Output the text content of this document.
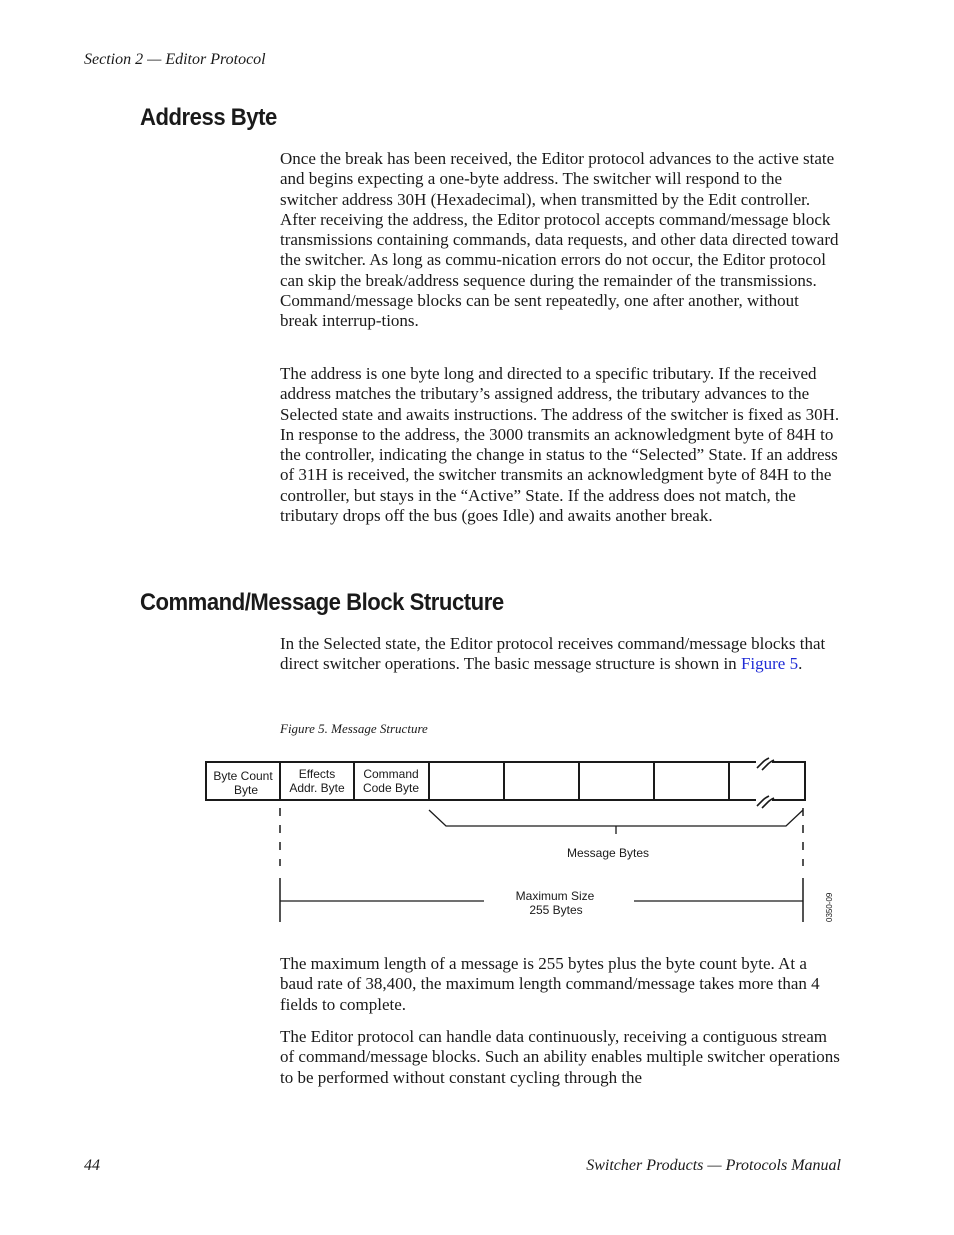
Section 2 — Editor Protocol
Address Byte

Once the break has been received, the Editor protocol advances to the active state and begins expecting a one-byte address. The switcher will respond to the switcher address 30H (Hexadecimal), when transmitted by the Edit controller. After receiving the address, the Editor protocol accepts command/message block transmissions containing commands, data requests, and other data directed toward the switcher. As long as commu-nication errors do not occur, the Editor protocol can skip the break/address sequence during the remainder of the transmissions. Command/message blocks can be sent repeatedly, one after another, without break interrup-tions.

The address is one byte long and directed to a specific tributary. If the received address matches the tributary’s assigned address, the tributary advances to the Selected state and awaits instructions. The address of the switcher is fixed as 30H. In response to the address, the 3000 transmits an acknowledgment byte of 84H to the controller, indicating the change in status to the “Selected” State. If an address of 31H is received, the switcher transmits an acknowledgment byte of 84H to the controller, but stays in the “Active” State. If the address does not match, the tributary drops off the bus (goes Idle) and awaits another break.

Command/Message Block Structure

In the Selected state, the Editor protocol receives command/message blocks that direct switcher operations. The basic message structure is shown in Figure 5.

Figure 5. Message Structure
Byte Count
Byte
Effects
Addr. Byte
Command
Code Byte
Message Bytes
Maximum Size
255 Bytes	0350-09

The maximum length of a message is 255 bytes plus the byte count byte. At a baud rate of 38,400, the maximum length command/message takes more than 4 fields to complete.

The Editor protocol can handle data continuously, receiving a contiguous stream of command/message blocks. Such an ability enables multiple switcher operations to be performed without constant cycling through the

44	Switcher Products — Protocols Manual
